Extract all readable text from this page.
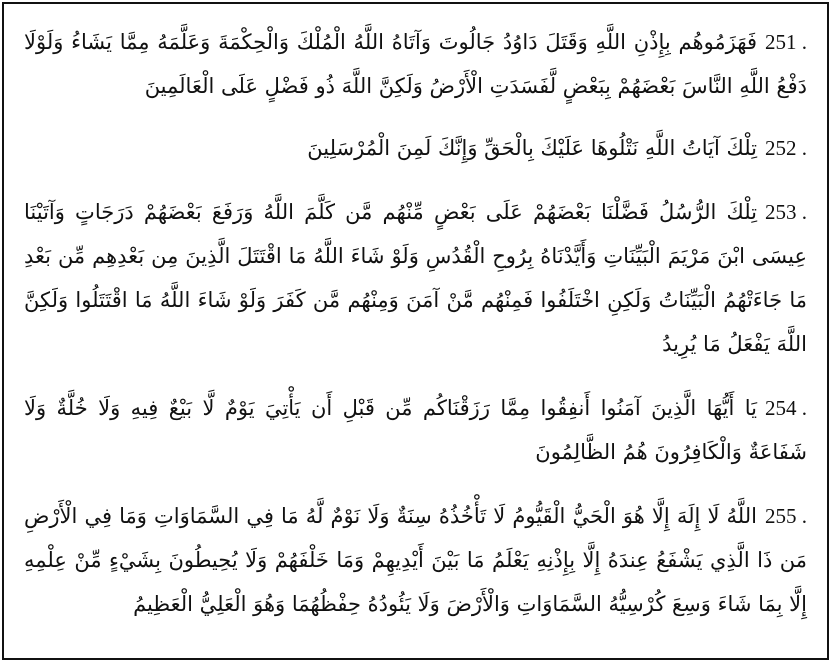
251 .فَهَزَمُوهُم بِإِذْنِ اللَّهِ وَقَتَلَ دَاوُدُ جَالُوتَ وَآتَاهُ اللَّهُ الْمُلْكَ وَالْحِكْمَةَ وَعَلَّمَهُ مِمَّا يَشَاءُ وَلَوْلَا دَفْعُ اللَّهِ النَّاسَ بَعْضَهُمْ بِبَعْضٍ لَّفَسَدَتِ الْأَرْضُ وَلَكِنَّ اللَّهَ ذُو فَضْلٍ عَلَى الْعَالَمِينَ

252 .تِلْكَ آيَاتُ اللَّهِ نَتْلُوهَا عَلَيْكَ بِالْحَقِّ وَإِنَّكَ لَمِنَ الْمُرْسَلِينَ

253 .تِلْكَ الرُّسُلُ فَضَّلْنَا بَعْضَهُمْ عَلَى بَعْضٍ مِّنْهُم مَّن كَلَّمَ اللَّهُ وَرَفَعَ بَعْضَهُمْ دَرَجَاتٍ وَآتَيْنَا عِيسَى ابْنَ مَرْيَمَ الْبَيِّنَاتِ وَأَيَّدْنَاهُ بِرُوحِ الْقُدُسِ وَلَوْ شَاءَ اللَّهُ مَا اقْتَتَلَ الَّذِينَ مِن بَعْدِهِم مِّن بَعْدِ مَا جَاءَتْهُمُ الْبَيِّنَاتُ وَلَكِنِ اخْتَلَفُوا فَمِنْهُم مَّنْ آمَنَ وَمِنْهُم مَّن كَفَرَ وَلَوْ شَاءَ اللَّهُ مَا اقْتَتَلُوا وَلَكِنَّ اللَّهَ يَفْعَلُ مَا يُرِيدُ

254 .يَا أَيُّهَا الَّذِينَ آمَنُوا أَنفِقُوا مِمَّا رَزَقْنَاكُم مِّن قَبْلِ أَن يَأْتِيَ يَوْمٌ لَّا بَيْعٌ فِيهِ وَلَا خُلَّةٌ وَلَا شَفَاعَةٌ وَالْكَافِرُونَ هُمُ الظَّالِمُونَ

255 .اللَّهُ لَا إِلَهَ إِلَّا هُوَ الْحَيُّ الْقَيُّومُ لَا تَأْخُذُهُ سِنَةٌ وَلَا نَوْمٌ لَّهُ مَا فِي السَّمَاوَاتِ وَمَا فِي الْأَرْضِ مَن ذَا الَّذِي يَشْفَعُ عِندَهُ إِلَّا بِإِذْنِهِ يَعْلَمُ مَا بَيْنَ أَيْدِيهِمْ وَمَا خَلْفَهُمْ وَلَا يُحِيطُونَ بِشَيْءٍ مِّنْ عِلْمِهِ إِلَّا بِمَا شَاءَ وَسِعَ كُرْسِيُّهُ السَّمَاوَاتِ وَالْأَرْضَ وَلَا يَئُودُهُ حِفْظُهُمَا وَهُوَ الْعَلِيُّ الْعَظِيمُ
